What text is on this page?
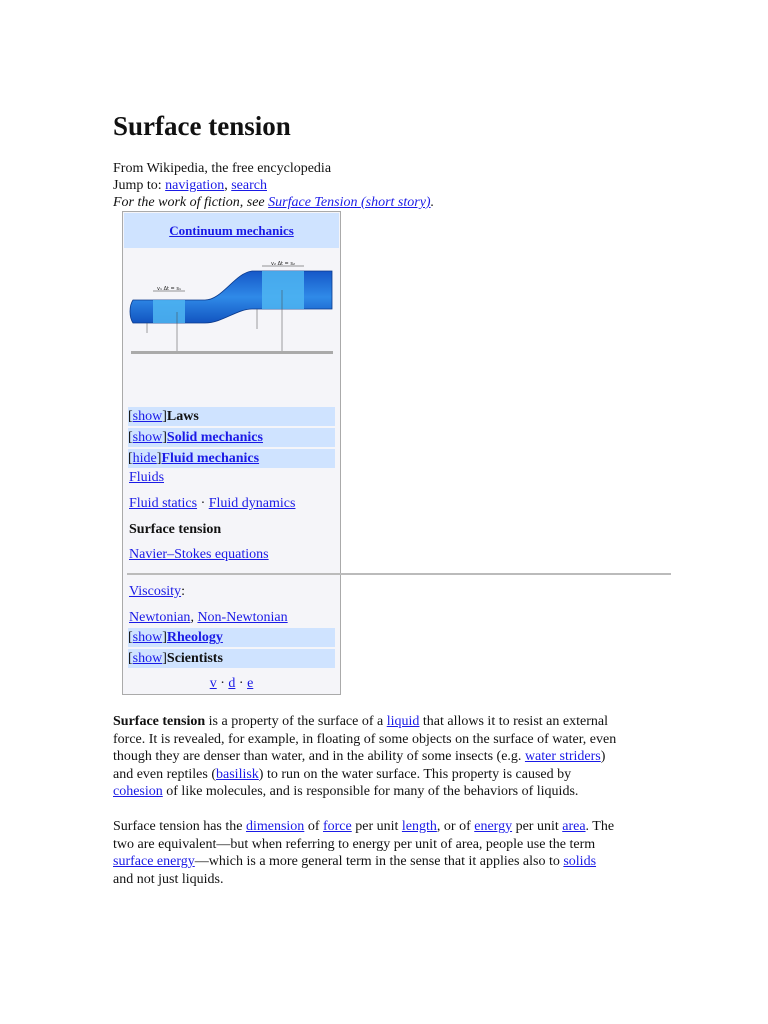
Surface tension
From Wikipedia, the free encyclopedia
Jump to: navigation, search
For the work of fiction, see Surface Tension (short story).
Continuum mechanics
v₂ Δt = s₂
v₁ Δt = s₁
[show]Laws
[show]Solid mechanics
[hide]Fluid mechanics
Fluids
Fluid statics · Fluid dynamics
Surface tension
Navier–Stokes equations
Viscosity:
Newtonian, Non-Newtonian
[show]Rheology
[show]Scientists
v · d · e
Surface tension is a property of the surface of a liquid that allows it to resist an external
force. It is revealed, for example, in floating of some objects on the surface of water, even
though they are denser than water, and in the ability of some insects (e.g. water striders)
and even reptiles (basilisk) to run on the water surface. This property is caused by
cohesion of like molecules, and is responsible for many of the behaviors of liquids.
Surface tension has the dimension of force per unit length, or of energy per unit area. The
two are equivalent—but when referring to energy per unit of area, people use the term
surface energy—which is a more general term in the sense that it applies also to solids
and not just liquids.
